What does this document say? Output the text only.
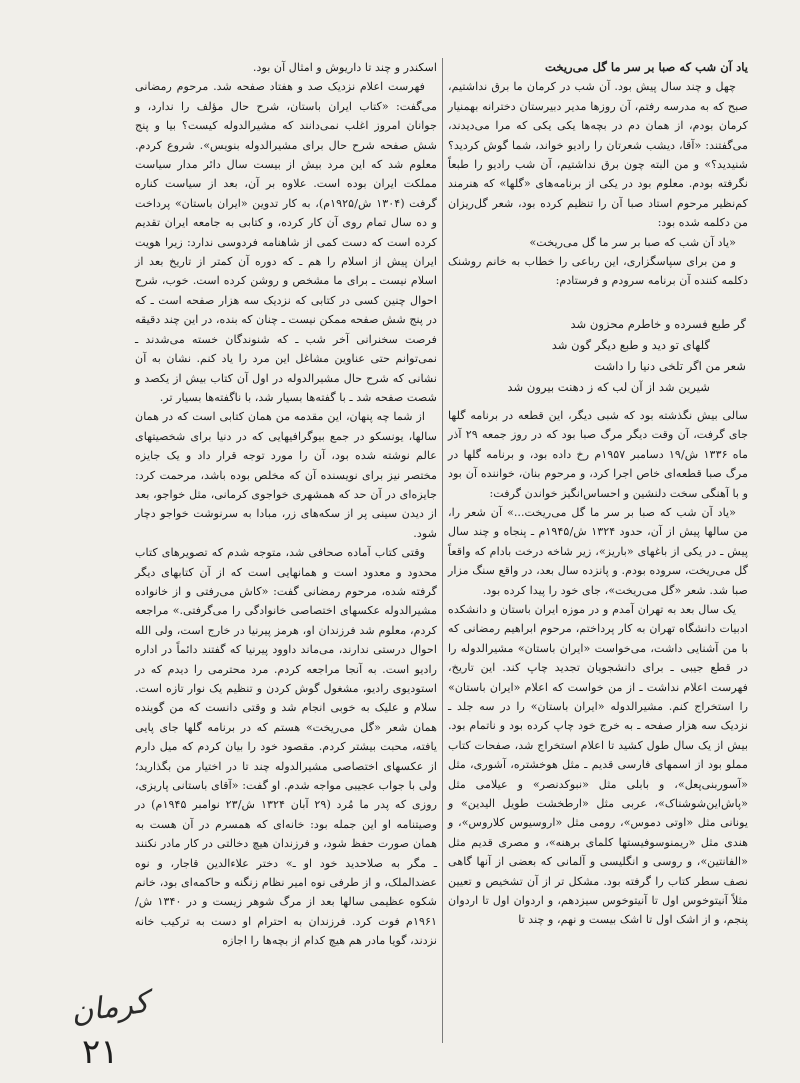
یاد آن شب که صبا بر سر ما گل می‌ریخت

چهل و چند سال پیش بود. آن شب در کرمان ما برق نداشتیم، صبح که به مدرسه رفتم، آن روزها مدیر دبیرستان دخترانه بهمنیار کرمان بودم، از همان دم در بچه‌ها یکی یکی که مرا می‌دیدند، می‌گفتند: «آقا، دیشب شعرتان را رادیو خواند، شما گوش کردید؟ شنیدید؟» و من البته چون برق نداشتیم، آن شب رادیو را طبعاً نگرفته بودم. معلوم بود در یکی از برنامه‌های «گلها» که هنرمند کم‌نظیر مرحوم استاد صبا آن را تنظیم کرده بود، شعر گل‌ریزان من دکلمه شده بود:

«یاد آن شب که صبا بر سر ما گل می‌ریخت»

و من برای سپاسگزاری، این رباعی را خطاب به خانم روشنک دکلمه کننده آن برنامه سرودم و فرستادم:

گر طبع فسرده و خاطرم محزون شد
گلهای تو دید و طبع دیگر گون شد
شعر من اگر تلخی دنیا را داشت
شیرین شد از آن لب که ز دهنت بیرون شد

سالی بیش نگذشته بود که شبی دیگر، این قطعه در برنامه گلها جای گرفت، آن وقت دیگر مرگ صبا بود که در روز جمعه ۲۹ آذر ماه ۱۳۳۶ ش/۱۹ دسامبر ۱۹۵۷م رخ داده بود، و برنامه گلها در مرگ صبا قطعه‌ای خاص اجرا کرد، و مرحوم بنان، خواننده آن بود و با آهنگی سخت دلنشین و احساس‌انگیز خواندن گرفت:

«یاد آن شب که صبا بر سر ما گل می‌ریخت...» آن شعر را، من سالها پیش از آن، حدود ۱۳۲۴ ش/۱۹۴۵م ـ پنجاه و چند سال پیش ـ در یکی از باغهای «باریز»، زیر شاخه درخت بادام که واقعاً گل می‌ریخت، سروده بودم. و پانزده سال بعد، در واقع سنگ مزار صبا شد. شعر «گل می‌ریخت»، جای خود را پیدا کرده بود.

یک سال بعد به تهران آمدم و در موزه ایران باستان و دانشکده ادبیات دانشگاه تهران به کار پرداختم، مرحوم ابراهیم رمضانی که با من آشنایی داشت، می‌خواست «ایران باستان» مشیرالدوله را در قطع جیبی ـ برای دانشجویان تجدید چاپ کند. این تاریخ، فهرست اعلام نداشت ـ از من خواست که اعلام «ایران باستان» را استخراج کنم. مشیرالدوله «ایران باستان» را در سه جلد ـ نزدیک سه هزار صفحه ـ به خرج خود چاپ کرده بود و ناتمام بود. بیش از یک سال طول کشید تا اعلام استخراج شد، صفحات کتاب مملو بود از اسمهای فارسی قدیم ـ مثل هوخشتره، آشوری، مثل «آسوربنی‌پعل»، و بابلی مثل «نبوکدنصر» و عیلامی مثل «پاش‌این‌شوشناک»، عربی مثل «ارطخشت طویل الیدین» و یونانی مثل «اوتی دموس»، رومی مثل «اروسیوس کلاروس»، و هندی مثل «ریمنوسوفیستها کلمای برهنه»، و مصری قدیم مثل «الفانتین»، و روسی و انگلیسی و آلمانی که بعضی از آنها گاهی نصف سطر کتاب را گرفته بود. مشکل تر از آن تشخیص و تعیین مثلاً آنیتوخوس اول تا آنیتوخوس سیزدهم، و اردوان اول تا اردوان پنجم، و از اشک اول تا اشک بیست و نهم، و چند تا

اسکندر و چند تا داریوش و امثال آن بود.

فهرست اعلام نزدیک صد و هفتاد صفحه شد. مرحوم رمضانی می‌گفت: «کتاب ایران باستان، شرح حال مؤلف را ندارد، و جوانان امروز اغلب نمی‌دانند که مشیرالدوله کیست؟ بیا و پنج شش صفحه شرح حال برای مشیرالدوله بنویس». شروع کردم. معلوم شد که این مرد بیش از بیست سال دائر مدار سیاست مملکت ایران بوده است. علاوه بر آن، بعد از سیاست کناره گرفت (۱۳۰۴ ش/۱۹۲۵م)، به کار تدوین «ایران باستان» پرداخت و ده سال تمام روی آن کار کرده، و کتابی به جامعه ایران تقدیم کرده است که دست کمی از شاهنامه فردوسی ندارد: زیرا هویت ایران پیش از اسلام را هم ـ که دوره آن کمتر از تاریخ بعد از اسلام نیست ـ برای ما مشخص و روشن کرده است. خوب، شرح احوال چنین کسی در کتابی که نزدیک سه هزار صفحه است ـ که در پنج شش صفحه ممکن نیست ـ چنان که بنده، در این چند دقیقه فرصت سخنرانی آخر شب ـ که شنوندگان خسته می‌شدند ـ نمی‌توانم حتی عناوین مشاغل این مرد را یاد کنم. نشان به آن نشانی که شرح حال مشیرالدوله در اول آن کتاب بیش از یکصد و شصت صفحه شد ـ با گفته‌ها بسیار شد، با ناگفته‌ها بسیار تر.

از شما چه پنهان، این مقدمه من همان کتابی است که در همان سالها، یونسکو در جمع بیوگرافیهایی که در دنیا برای شخصیتهای عالم نوشته شده بود، آن را مورد توجه قرار داد و یک جایزه مختصر نیز برای نویسنده آن که مخلص بوده باشد، مرحمت کرد: جایزه‌ای در آن حد که همشهری خواجوی کرمانی، مثل خواجو، بعد از دیدن سینی پر از سکه‌های زر، مبادا به سرنوشت خواجو دچار شود.

وقتی کتاب آماده صحافی شد، متوجه شدم که تصویرهای کتاب محدود و معدود است و همانهایی است که از آن کتابهای دیگر گرفته شده، مرحوم رمضانی گفت: «کاش می‌رفتی و از خانواده مشیرالدوله عکسهای اختصاصی خانوادگی را می‌گرفتی.» مراجعه کردم، معلوم شد فرزندان او، هرمز پیرنیا در خارج است، ولی الله احوال درستی ندارند، می‌ماند داوود پیرنیا که گفتند دائماً در اداره رادیو است. به آنجا مراجعه کردم. مرد محترمی را دیدم که در استودیوی رادیو، مشغول گوش کردن و تنظیم یک نوار تازه است. سلام و علیک به خوبی انجام شد و وقتی دانست که من گوینده همان شعر «گل می‌ریخت» هستم که در برنامه گلها جای پایی یافته، محبت بیشتر کردم. مقصود خود را بیان کردم که میل دارم از عکسهای اختصاصی مشیرالدوله چند تا در اختیار من بگذارید؛ ولی با جواب عجیبی مواجه شدم. او گفت: «آقای باستانی پاریزی، روزی که پدر ما مُرد (۲۹ آبان ۱۳۲۴ ش/۲۳ نوامبر ۱۹۴۵م) در وصیتنامه او این جمله بود: خانه‌ای که همسرم در آن هست به همان صورت حفظ شود، و فرزندان هیچ دخالتی در کار مادر نکنند ـ مگر به صلاحدید خود او ـ» دختر علاءالدین قاجار، و نوه عضدالملک، و از طرفی نوه امیر نظام زنگنه و حاکمه‌ای بود، خانم شکوه عظیمی سالها بعد از مرگ شوهر زیست و در ۱۳۴۰ ش/۱۹۶۱م فوت کرد. فرزندان به احترام او دست به ترکیب خانه نزدند، گویا مادر هم هیچ کدام از بچه‌ها را اجازه

کرمان
۲۱
